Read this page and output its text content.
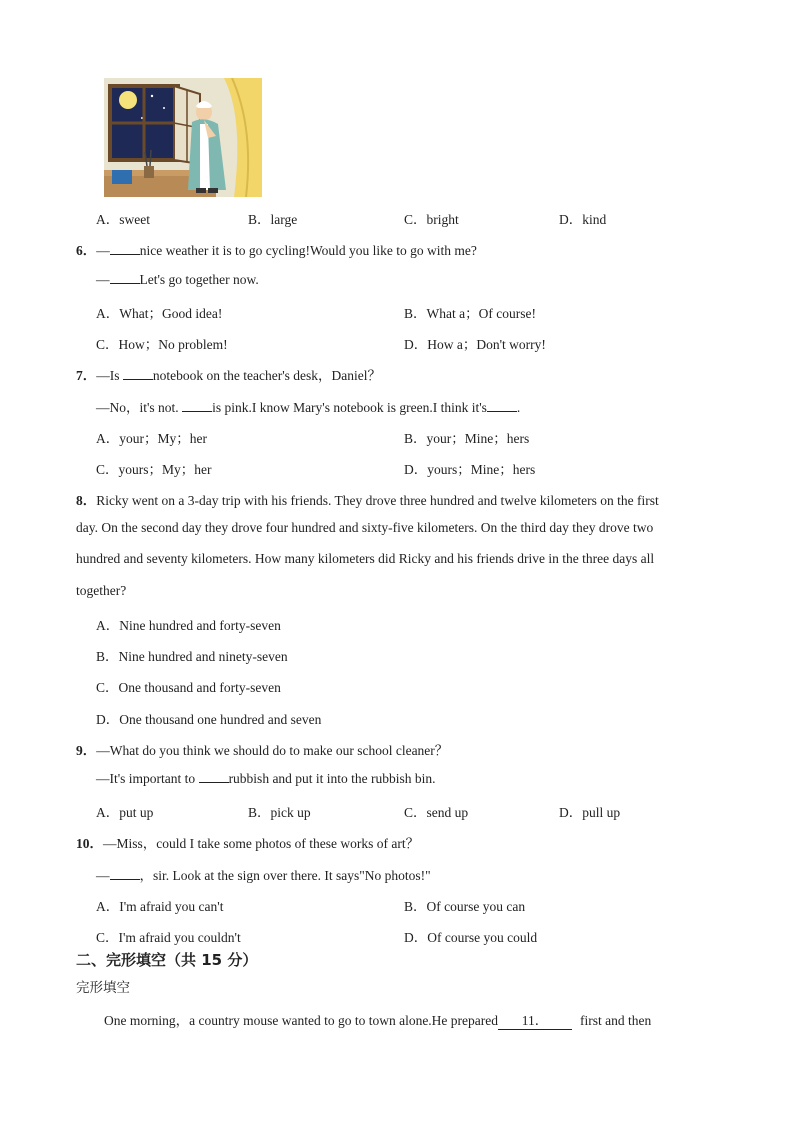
A．sweet	B．large	C．bright	D．kind
6．— nice weather it is to go cycling!Would you like to go with me?
— Let's go together now.
A．What；Good idea!	B．What a；Of course!
C．How；No problem!	D．How a；Don't worry!
7．—Is notebook on the teacher's desk，Daniel？
—No，it's not. is pink.I know Mary's notebook is green.I think it's .
A．your；My；her	B．your；Mine；hers
C．yours；My；her	D．yours；Mine；hers
8．Ricky went on a 3-day trip with his friends. They drove three hundred and twelve kilometers on the first
day. On the second day they drove four hundred and sixty-five kilometers. On the third day they drove two
hundred and seventy kilometers. How many kilometers did Ricky and his friends drive in the three days all
together?
A．Nine hundred and forty-seven
B．Nine hundred and ninety-seven
C．One thousand and forty-seven
D．One thousand one hundred and seven
9．—What do you think we should do to make our school cleaner？
—It's important to rubbish and put it into the rubbish bin.
A．put up	B．pick up	C．send up	D．pull up
10．—Miss，could I take some photos of these works of art？
— ，sir. Look at the sign over there. It says"No photos!"
A．I'm afraid you can't	B．Of course you can
C．I'm afraid you couldn't	D．Of course you could
二、完形填空（共 15 分）
完形填空
One morning，a country mouse wanted to go to town alone.He prepared 11． first and then
